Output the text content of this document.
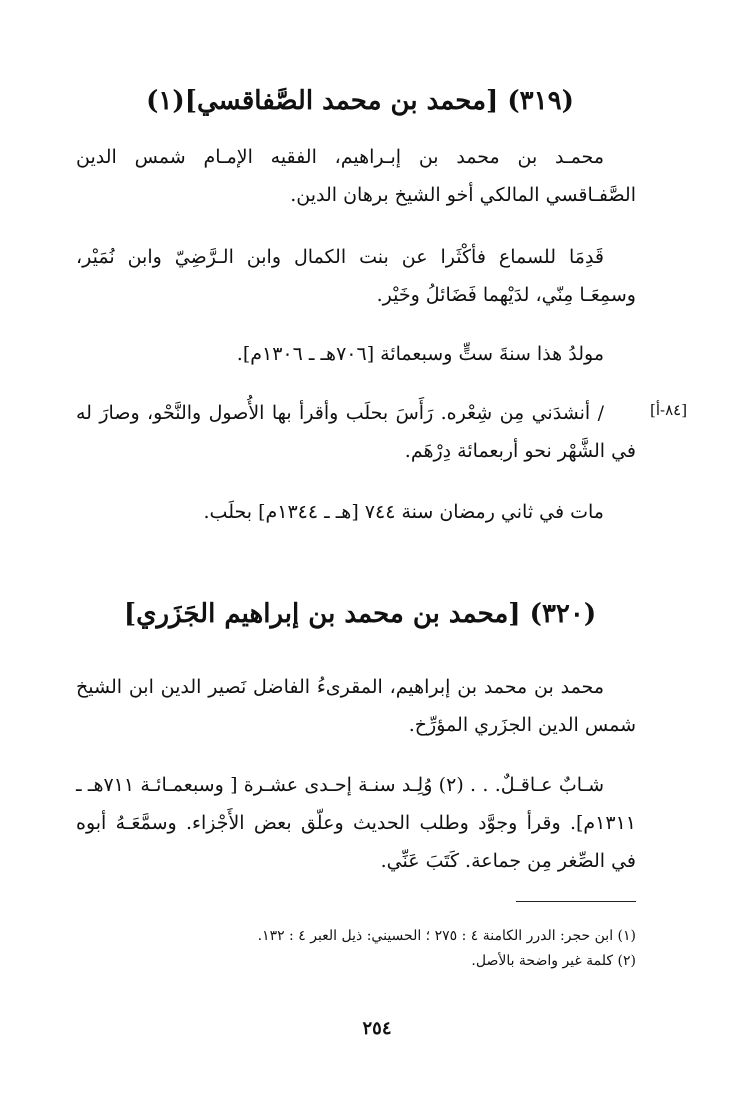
(٣١٩) [محمد بن محمد الصَّفاقسي](١)
محمـد بن محمد بن إبـراهيم، الفقيه الإمـام شمس الدين الصَّفـاقسي المالكي أخو الشيخ برهان الدين.
قَدِمَا للسماع فأكْثَرا عن بنت الكمال وابن الـرَّضِيّ وابن نُمَيْر، وسمِعَـا مِنّي، لدَيْهما فَضَائلُ وخَيْر.
مولدُ هذا سنةَ ستٍّ وسبعمائة [٧٠٦هـ ـ ١٣٠٦م].
/ أنشدَني مِن شِعْره. رَأَسَ بحلَب وأقرأ بها الأُصول والنَّحْو، وصارَ له في الشَّهْر نحو أربعمائة دِرْهَم.
[٨٤-أ]
مات في ثاني رمضان سنة ٧٤٤ [هـ ـ ١٣٤٤م] بحلَب.
(٣٢٠) [محمد بن محمد بن إبراهيم الجَزَري]
محمد بن محمد بن إبراهيم، المقرىءُ الفاضل نَصير الدين ابن الشيخ شمس الدين الجزَري المؤرِّخ.
شـابٌ عـاقـلٌ. . . (٢) وُلِـد سنـة إحـدى عشـرة [ وسبعمـائـة ٧١١هـ ـ ١٣١١م]. وقرأ وجوَّد وطلب الحديث وعلّق بعض الأَجْزاء. وسمَّعَـهُ أبوه في الصِّغر مِن جماعة. كَتَبَ عَنِّي.
(١) ابن حجر: الدرر الكامنة ٤ : ٢٧٥ ؛ الحسيني: ذيل العبر ٤ : ١٣٢.
(٢) كلمة غير واضحة بالأصل.
٢٥٤
